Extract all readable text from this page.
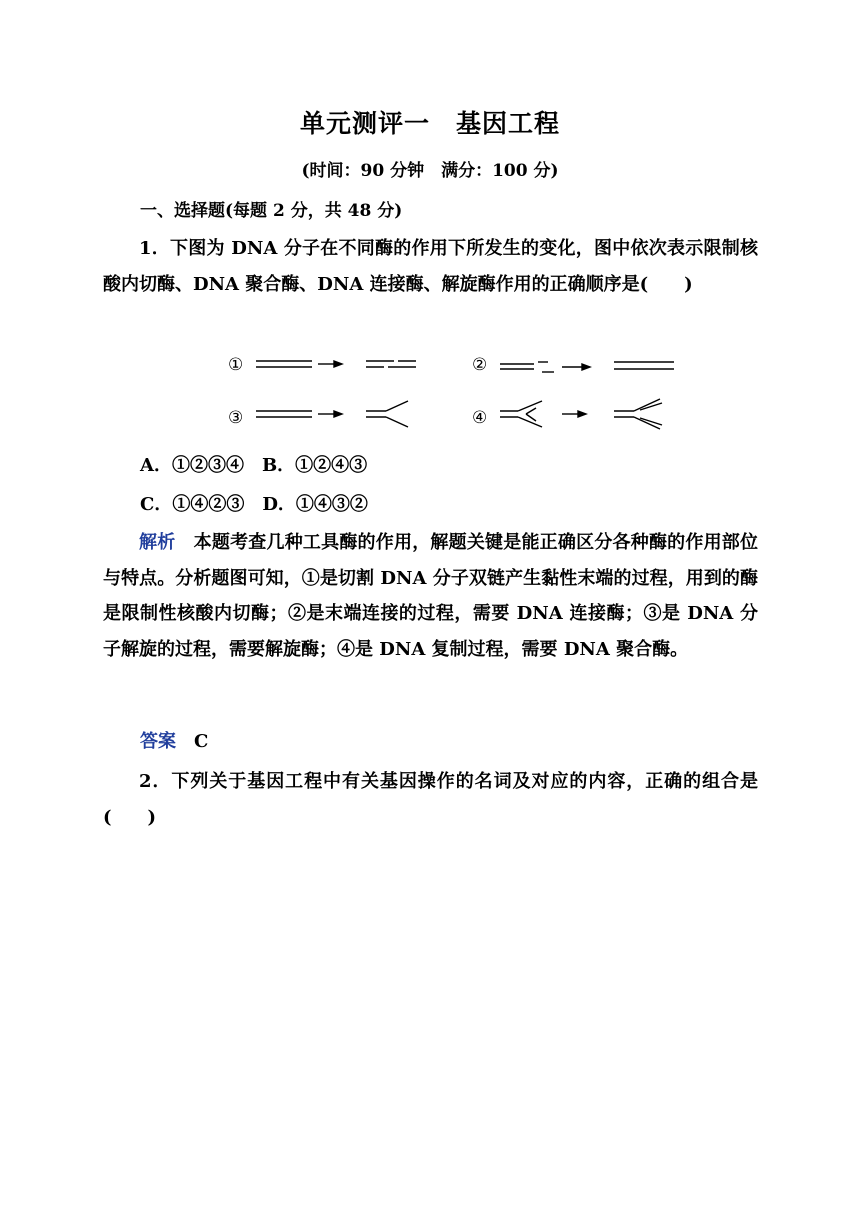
单元测评一　基因工程
(时间：90 分钟　满分：100 分)
一、选择题(每题 2 分，共 48 分)
1．下图为 DNA 分子在不同酶的作用下所发生的变化，图中依次表示限制核酸内切酶、DNA 聚合酶、DNA 连接酶、解旋酶作用的正确顺序是(　　)
①	②
③	④
A．①②③④　B．①②④③
C．①④②③　D．①④③②
解析　本题考查几种工具酶的作用，解题关键是能正确区分各种酶的作用部位与特点。分析题图可知，①是切割 DNA 分子双链产生黏性末端的过程，用到的酶是限制性核酸内切酶；②是末端连接的过程，需要 DNA 连接酶；③是 DNA 分子解旋的过程，需要解旋酶；④是 DNA 复制过程，需要 DNA 聚合酶。
答案　C
2．下列关于基因工程中有关基因操作的名词及对应的内容，正确的组合是(　　)
